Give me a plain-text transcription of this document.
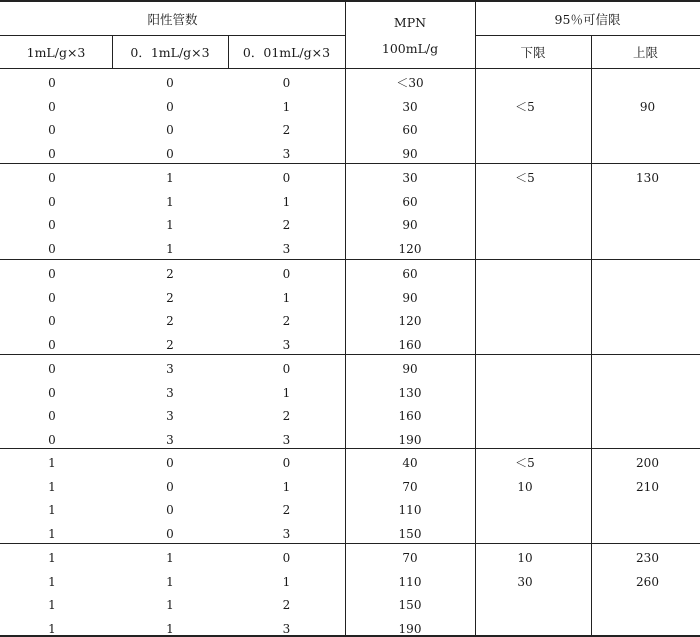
阳性管数	MPN
100mL/g
95％可信限
1mL/g×3	0．1mL/g×3	0．01mL/g×3	下限	上限
0	0	0	＜30
0	0	1	30	＜5	90
0	0	2	60
0	0	3	90
0	1	0	30	＜5	130
0	1	1	60
0	1	2	90
0	1	3	120
0	2	0	60
0	2	1	90
0	2	2	120
0	2	3	160
0	3	0	90
0	3	1	130
0	3	2	160
0	3	3	190
1	0	0	40	＜5	200
1	0	1	70	10	210
1	0	2	110
1	0	3	150
1	1	0	70	10	230
1	1	1	110	30	260
1	1	2	150
1	1	3	190
